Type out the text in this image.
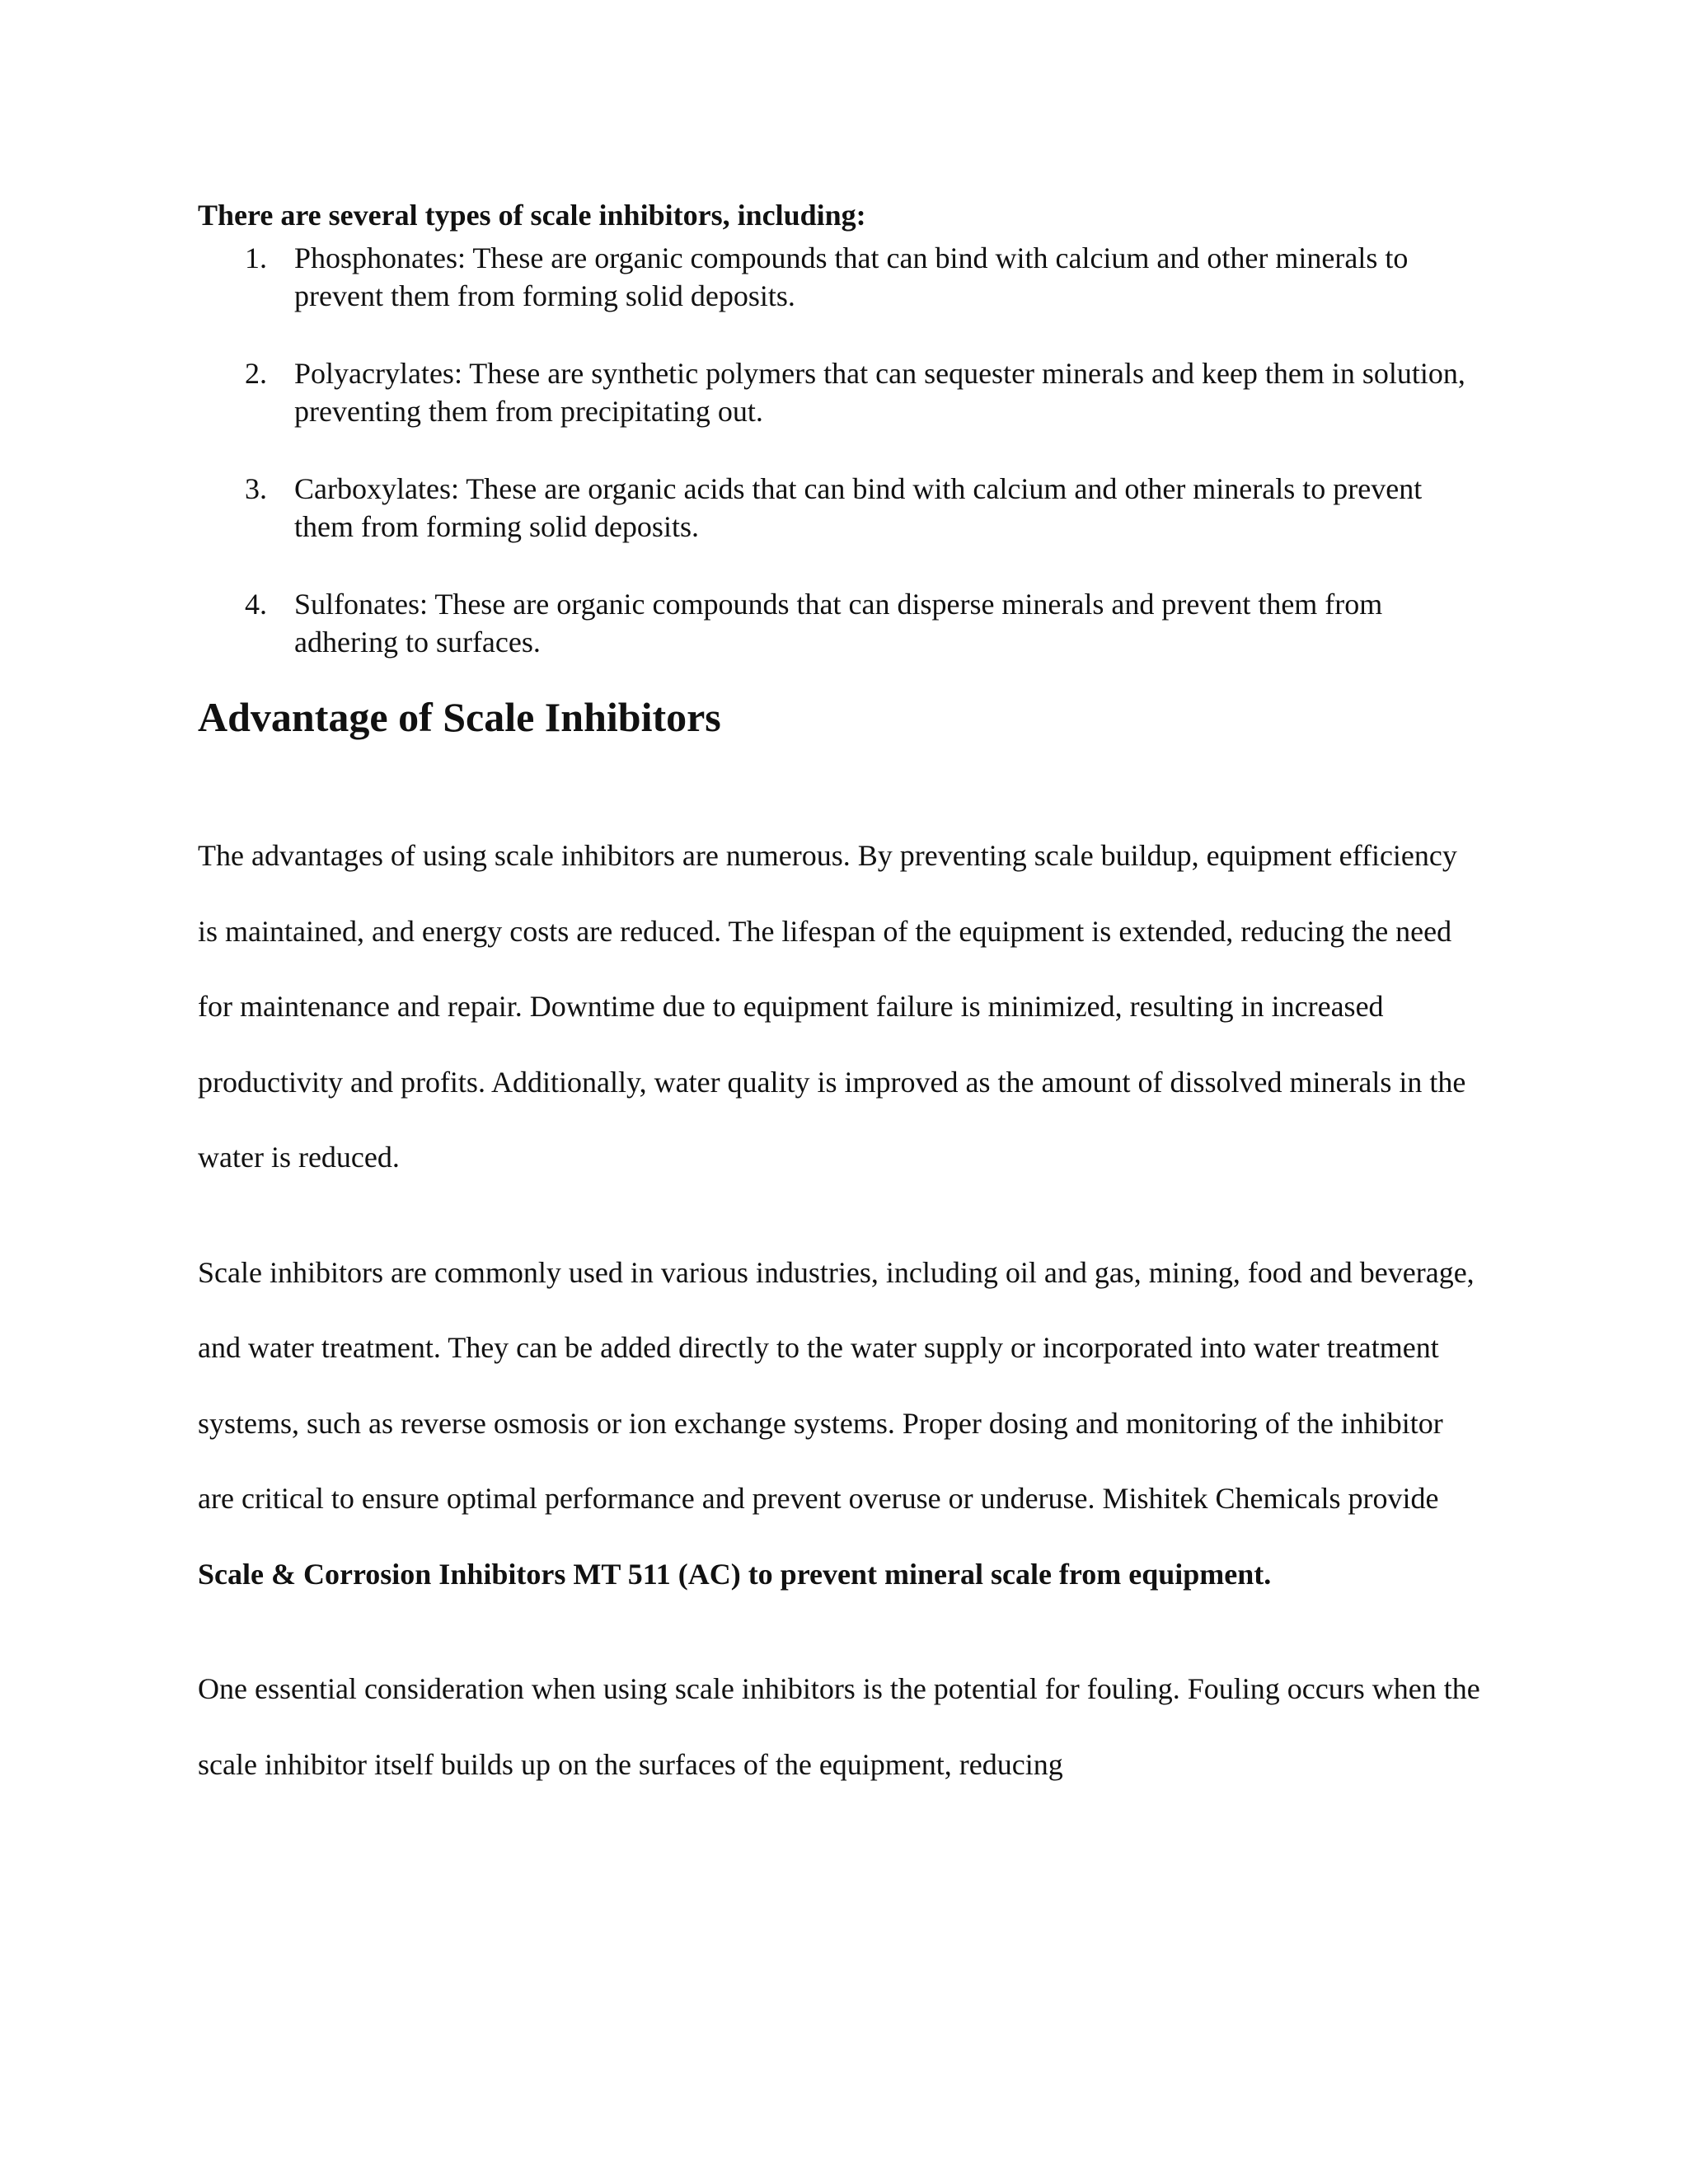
There are several types of scale inhibitors, including:

1. Phosphonates: These are organic compounds that can bind with calcium and other minerals to prevent them from forming solid deposits.
2. Polyacrylates: These are synthetic polymers that can sequester minerals and keep them in solution, preventing them from precipitating out.
3. Carboxylates: These are organic acids that can bind with calcium and other minerals to prevent them from forming solid deposits.
4. Sulfonates: These are organic compounds that can disperse minerals and prevent them from adhering to surfaces.
Advantage of Scale Inhibitors

The advantages of using scale inhibitors are numerous. By preventing scale buildup, equipment efficiency is maintained, and energy costs are reduced. The lifespan of the equipment is extended, reducing the need for maintenance and repair. Downtime due to equipment failure is minimized, resulting in increased productivity and profits. Additionally, water quality is improved as the amount of dissolved minerals in the water is reduced.

Scale inhibitors are commonly used in various industries, including oil and gas, mining, food and beverage, and water treatment. They can be added directly to the water supply or incorporated into water treatment systems, such as reverse osmosis or ion exchange systems. Proper dosing and monitoring of the inhibitor are critical to ensure optimal performance and prevent overuse or underuse. Mishitek Chemicals provide Scale & Corrosion Inhibitors MT 511 (AC) to prevent mineral scale from equipment.

One essential consideration when using scale inhibitors is the potential for fouling. Fouling occurs when the scale inhibitor itself builds up on the surfaces of the equipment, reducing
